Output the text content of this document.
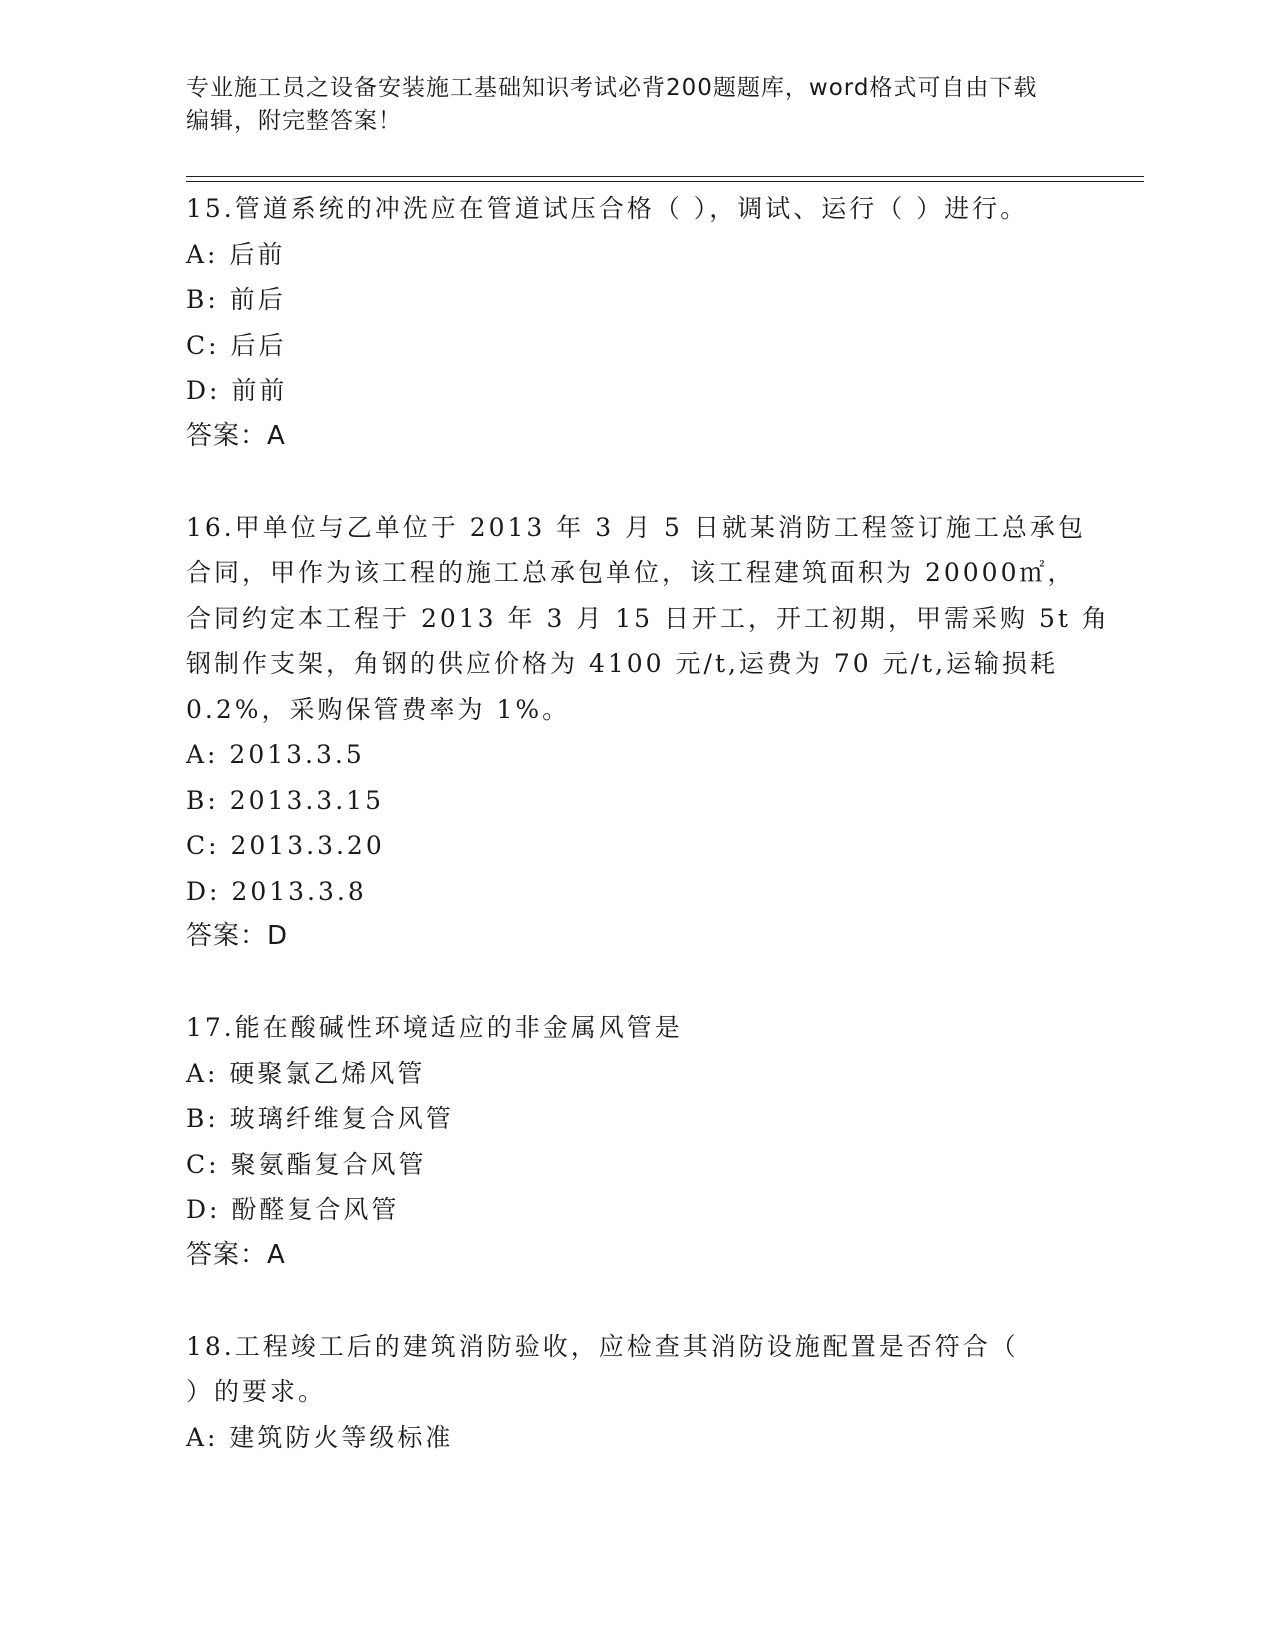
专业施工员之设备安装施工基础知识考试必背200题题库，word格式可自由下载
编辑，附完整答案！
15.管道系统的冲洗应在管道试压合格（ ），调试、运行（ ）进行。
A: 后前
B: 前后
C: 后后
D: 前前
答案：A
16.甲单位与乙单位于 2013 年 3 月 5 日就某消防工程签订施工总承包
合同，甲作为该工程的施工总承包单位，该工程建筑面积为 20000㎡，
合同约定本工程于 2013 年 3 月 15 日开工，开工初期，甲需采购 5t 角
钢制作支架，角钢的供应价格为 4100 元/t,运费为 70 元/t,运输损耗
0.2%，采购保管费率为 1%。
A: 2013.3.5
B: 2013.3.15
C: 2013.3.20
D: 2013.3.8
答案：D
17.能在酸碱性环境适应的非金属风管是
A: 硬聚氯乙烯风管
B: 玻璃纤维复合风管
C: 聚氨酯复合风管
D: 酚醛复合风管
答案：A
18.工程竣工后的建筑消防验收，应检查其消防设施配置是否符合（
）的要求。
A: 建筑防火等级标准
